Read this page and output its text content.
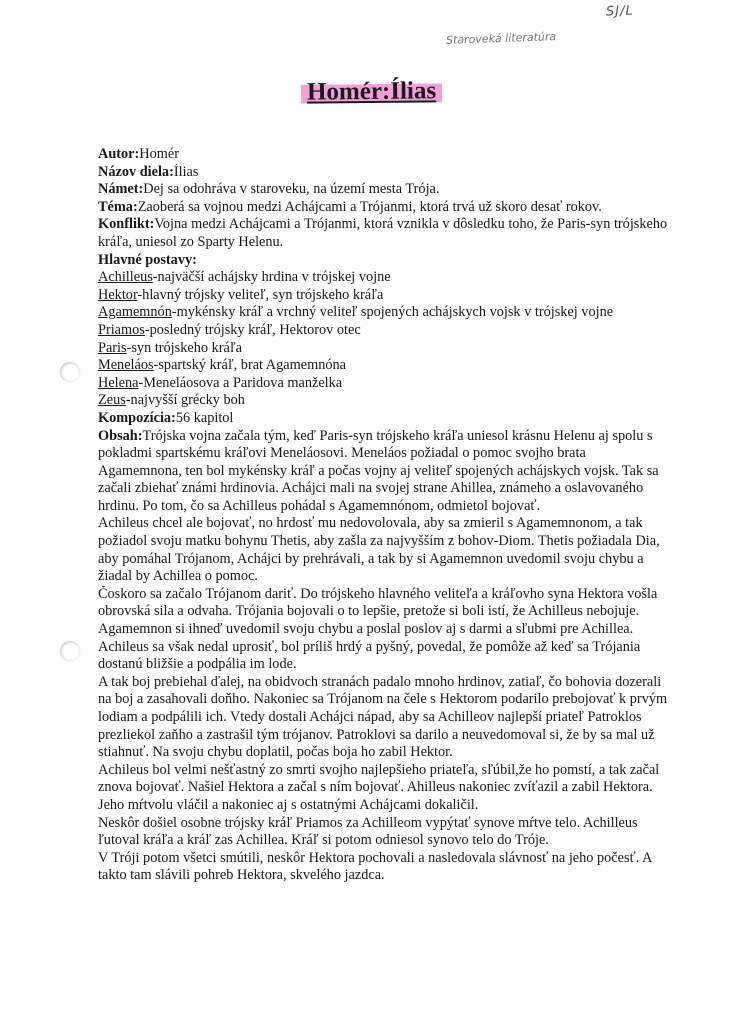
SJ/L
Staroveká literatúra
Homér:Ílias
Autor:Homér
Názov diela:Ílias
Námet:Dej sa odohráva v staroveku, na území mesta Trója.
Téma:Zaoberá sa vojnou medzi Achájcami a Trójanmi, ktorá trvá už skoro desať rokov.
Konflikt:Vojna medzi Achájcami a Trójanmi, ktorá vznikla v dôsledku toho, že Paris-syn trójskeho
kráľa, uniesol zo Sparty Helenu.
Hlavné postavy:
Achilleus-najväčší achájsky hrdina v trójskej vojne
Hektor-hlavný trójsky veliteľ, syn trójskeho kráľa
Agamemnón-mykénsky kráľ a vrchný veliteľ spojených achájskych vojsk v trójskej vojne
Priamos-posledný trójsky kráľ, Hektorov otec
Paris-syn trójskeho kráľa
Meneláos-spartský kráľ, brat Agamemnóna
Helena-Meneláosova a Paridova manželka
Zeus-najvyšší grécky boh
Kompozícia:56 kapitol
Obsah:Trójska vojna začala tým, keď Paris-syn trójskeho kráľa uniesol krásnu Helenu aj spolu s
pokladmi spartskému kráľovi Meneláosovi. Meneláos požiadal o pomoc svojho brata
Agamemnona, ten bol mykénsky kráľ a počas vojny aj veliteľ spojených achájskych vojsk. Tak sa
začali zbiehať známi hrdinovia. Achájci mali na svojej strane Ahillea, známeho a oslavovaného
hrdinu. Po tom, čo sa Achilleus pohádal s Agamemnónom, odmietol bojovať.
Achileus chcel ale bojovať, no hrdosť mu nedovolovala, aby sa zmieril s Agamemnonom, a tak
požiadol svoju matku bohynu Thetis, aby zašla za najvyšším z bohov-Diom. Thetis požiadala Dia,
aby pomáhal Trójanom, Achájci by prehrávali, a tak by si Agamemnon uvedomil svoju chybu a
žiadal by Achillea o pomoc.
Čoskoro sa začalo Trójanom dariť. Do trójskeho hlavného veliteľa a kráľovho syna Hektora vošla
obrovská sila a odvaha. Trójania bojovali o to lepšie, pretože si boli istí, že Achilleus nebojuje.
Agamemnon si ihneď uvedomil svoju chybu a poslal poslov aj s darmi a sľubmi pre Achillea.
Achileus sa však nedal uprosiť, bol príliš hrdý a pyšný, povedal, že pomôže až keď sa Trójania
dostanú bližšie a podpália im lode.
A tak boj prebiehal ďalej, na obidvoch stranách padalo mnoho hrdinov, zatiaľ, čo bohovia dozerali
na boj a zasahovali doňho. Nakoniec sa Trójanom na čele s Hektorom podarilo prebojovať k prvým
lodiam a podpálili ich. Vtedy dostali Achájci nápad, aby sa Achilleov najlepší priateľ Patroklos
prezliekol zaňho a zastrašil tým trójanov. Patroklovi sa darilo a neuvedomoval si, že by sa mal už
stiahnuť. Na svoju chybu doplatil, počas boja ho zabil Hektor.
Achileus bol velmi nešťastný zo smrti svojho najlepšieho priateľa, sľúbil,že ho pomstí, a tak začal
znova bojovať. Našiel Hektora a začal s ním bojovať. Ahilleus nakoniec zvíťazil a zabil Hektora.
Jeho mŕtvolu vláčil a nakoniec aj s ostatnými Achájcami dokaličil.
Neskôr došiel osobne trójsky kráľ Priamos za Achilleom vypýtať synove mŕtve telo. Achilleus
ľutoval kráľa a kráľ zas Achillea. Kráľ si potom odniesol synovo telo do Tróje.
V Tróji potom všetci smútili, neskôr Hektora pochovali a nasledovala slávnosť na jeho počesť. A
takto tam slávili pohreb Hektora, skvelého jazdca.
